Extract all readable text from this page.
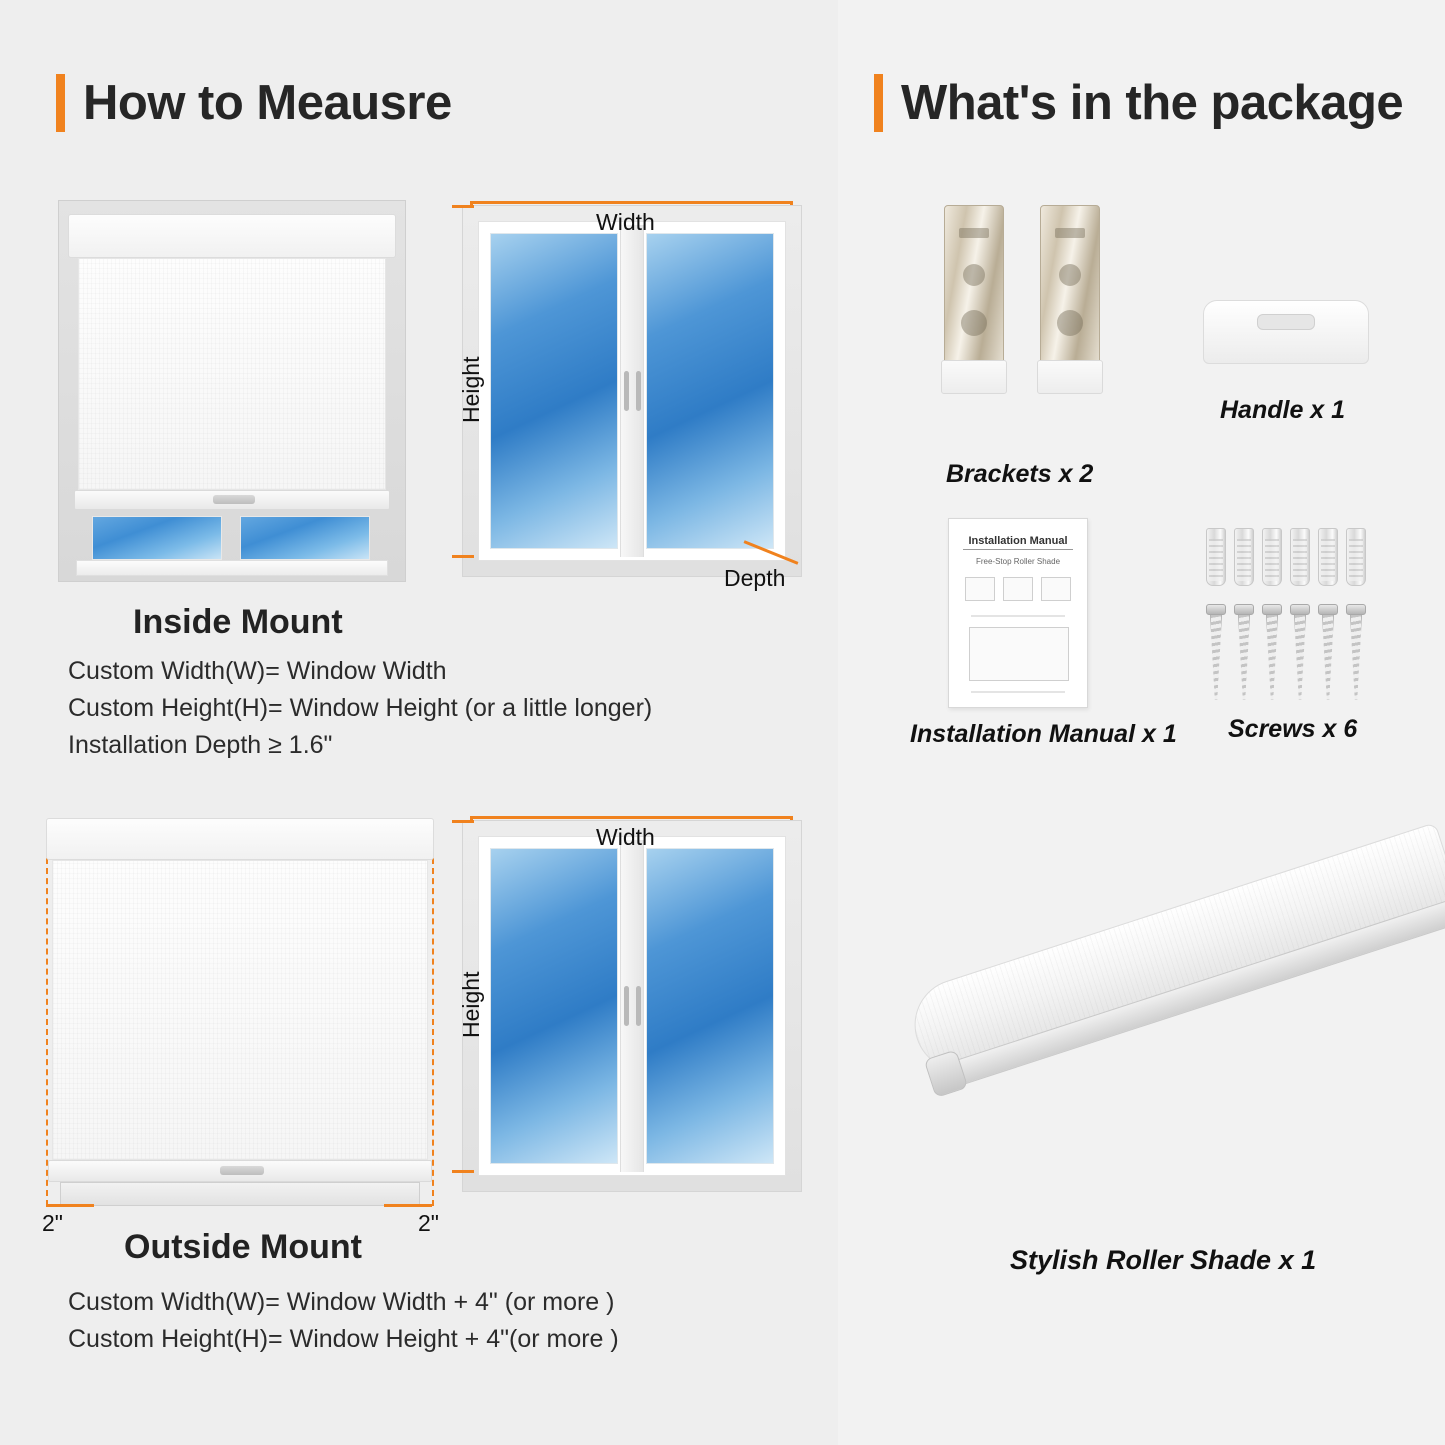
How to Meausre
Width
Height
Depth
Inside Mount
Custom Width(W)= Window Width
Custom Height(H)= Window Height (or a little longer)
Installation Depth ≥ 1.6"
2"	2"
Width
Height
Outside Mount
Custom Width(W)= Window Width + 4" (or more )
Custom Height(H)= Window Height + 4"(or more )
What's in the package
Brackets x 2
Handle x 1
Installation Manual
Free-Stop Roller Shade
Installation Manual x 1 Screws x 6
Stylish Roller Shade x 1
